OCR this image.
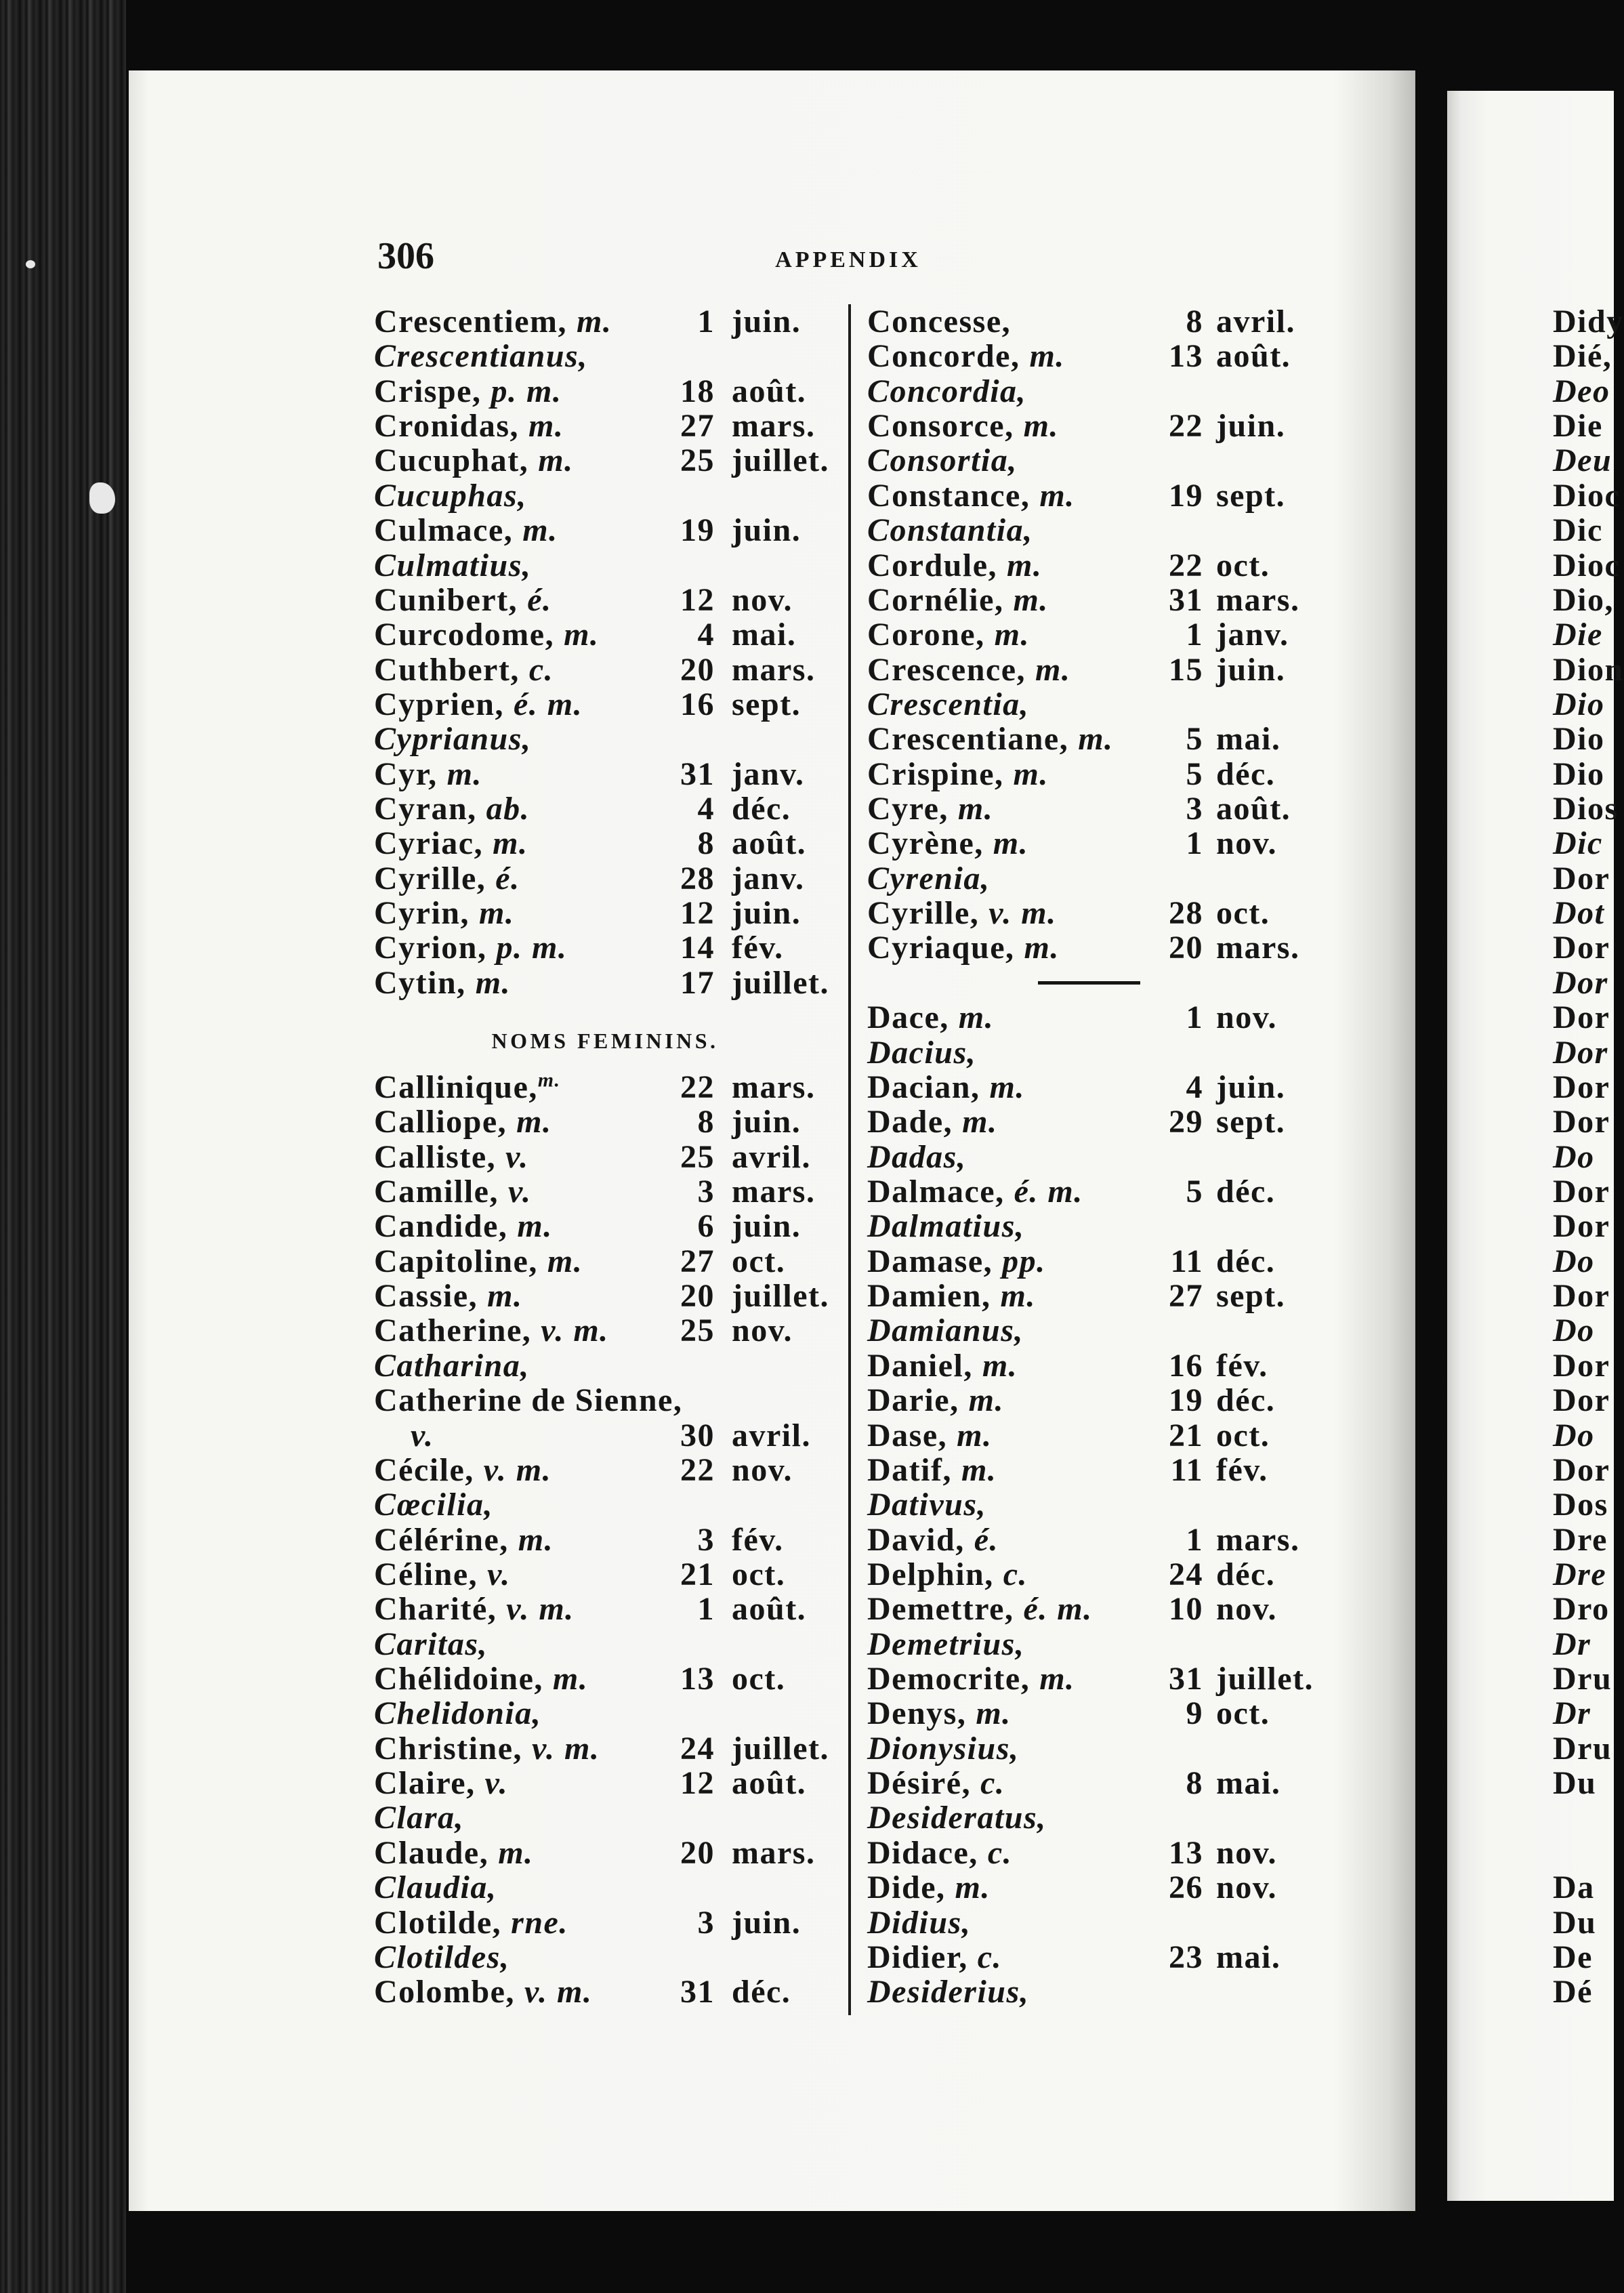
306	APPENDIX
Crescentiem, m.	1 juin.
Crescentianus,
Crispe, p. m.	18 août.
Cronidas, m.	27 mars.
Cucuphat, m.	25 juillet.
Cucuphas,
Culmace, m.	19 juin.
Culmatius,
Cunibert, é.	12 nov.
Curcodome, m.	4 mai.
Cuthbert, c.	20 mars.
Cyprien, é. m.	16 sept.
Cyprianus,
Cyr, m.	31 janv.
Cyran, ab.	4 déc.
Cyriac, m.	8 août.
Cyrille, é.	28 janv.
Cyrin, m.	12 juin.
Cyrion, p. m.	14 fév.
Cytin, m.	17 juillet.
Callinique,$^{m.}$	22 mars.
Calliope, m.	8 juin.
Calliste, v.	25 avril.
Camille, v.	3 mars.
Candide, m.	6 juin.
Capitoline, m.	27 oct.
Cassie, m.	20 juillet.
Catherine, v. m. 25 nov.
Catharina,
Catherine de Sienne,
v.	30 avril.
Cécile, v. m.	22 nov.
Cœcilia,
Célérine, m.	3 fév.
Céline, v.	21 oct.
Charité, v. m.	1 août.
Caritas,
Chélidoine, m.	13 oct.
Chelidonia,
Christine, v. m. 24 juillet.
Claire, v.	12 août.
Clara,
Claude, m.	20 mars.
Claudia,
Clotilde, rne.	3 juin.
Clotildes,
Colombe, v. m.	31 déc.
NOMS FEMININS.
Concesse,	8 avril.
Concorde, m.	13 août.
Concordia,
Consorce, m.	22 juin.
Consortia,
Constance, m.	19 sept.
Constantia,
Cordule, m.	22 oct.
Cornélie, m.	31 mars.
Corone, m.	1 janv.
Crescence, m.	15 juin.
Crescentia,
Crescentiane, m. 5 mai.
Crispine, m.	5 déc.
Cyre, m.	3 août.
Cyrène, m.	1 nov.
Cyrenia,
Cyrille, v. m.	28 oct.
Cyriaque, m.	20 mars.
Dace, m.	1 nov.
Dacius,
Dacian, m.	4 juin.
Dade, m.	29 sept.
Dadas,
Dalmace, é. m.	5 déc.
Dalmatius,
Damase, pp.	11 déc.
Damien, m.	27 sept.
Damianus,
Daniel, m.	16 fév.
Darie, m.	19 déc.
Dase, m.	21 oct.
Datif, m.	11 fév.
Dativus,
David, é.	1 mars.
Delphin, c.	24 déc.
Demettre, é. m. 10 nov.
Demetrius,
Democrite, m.	31 juillet.
Denys, m.	9 oct.
Dionysius,
Désiré, c.	8 mai.
Desideratus,
Didace, c.	13 nov.
Dide, m.	26 nov.
Didius,
Didier, c.	23 mai.
Desiderius,
Didy
Dié,
Deo
Die
Deu
Dioc
Dic
Dioc
Dio,
Die
Dion
Dio
Dio
Dio
Dios
Dic
Dor
Dot
Dor
Dor
Dor
Dor
Dor
Dor
Do
Dor
Dor
Do
Dor
Do
Dor
Dor
Do
Dor
Dos
Dre
Dre
Dro
Dr
Dru
Dr
Dru
Du
Da
Du
De
Dé
